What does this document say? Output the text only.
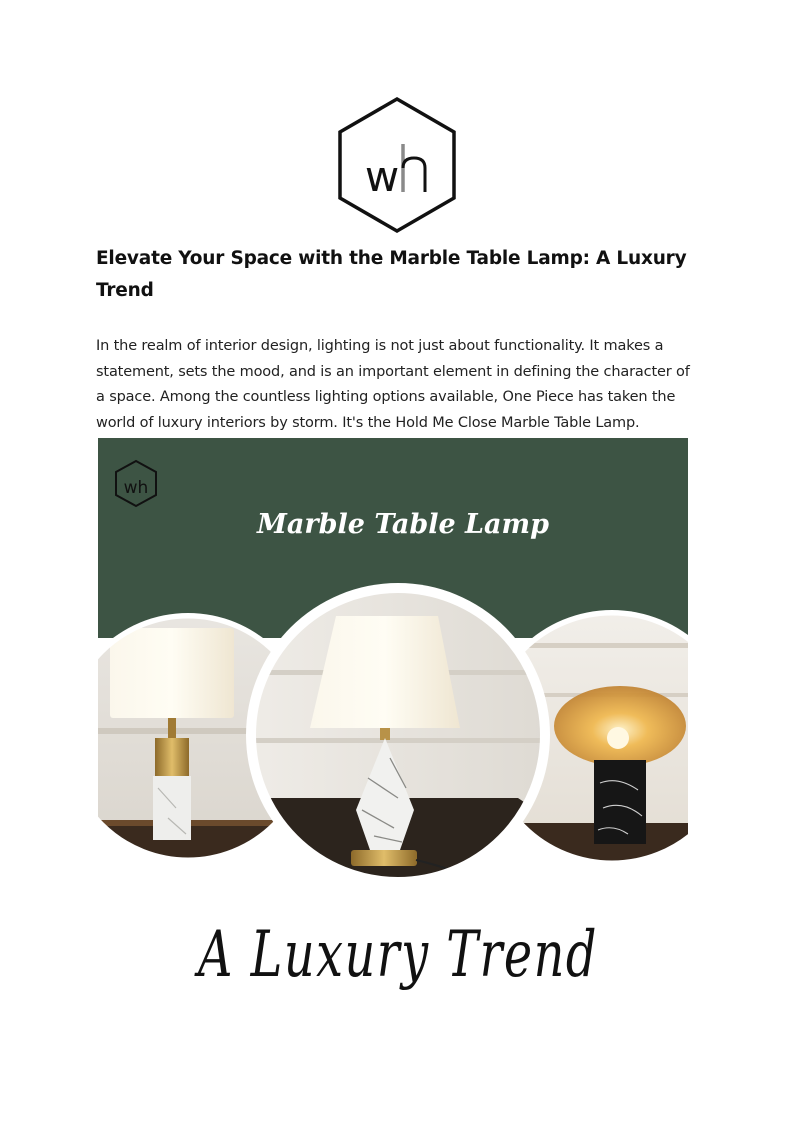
w
Elevate Your Space with the Marble Table Lamp: A Luxury Trend

In the realm of interior design, lighting is not just about functionality. It makes a statement, sets the mood, and is an important element in defining the character of a space. Among the countless lighting options available, One Piece has taken the world of luxury interiors by storm. It's the Hold Me Close Marble Table Lamp.

wh
Marble Table Lamp
A Luxury Trend
